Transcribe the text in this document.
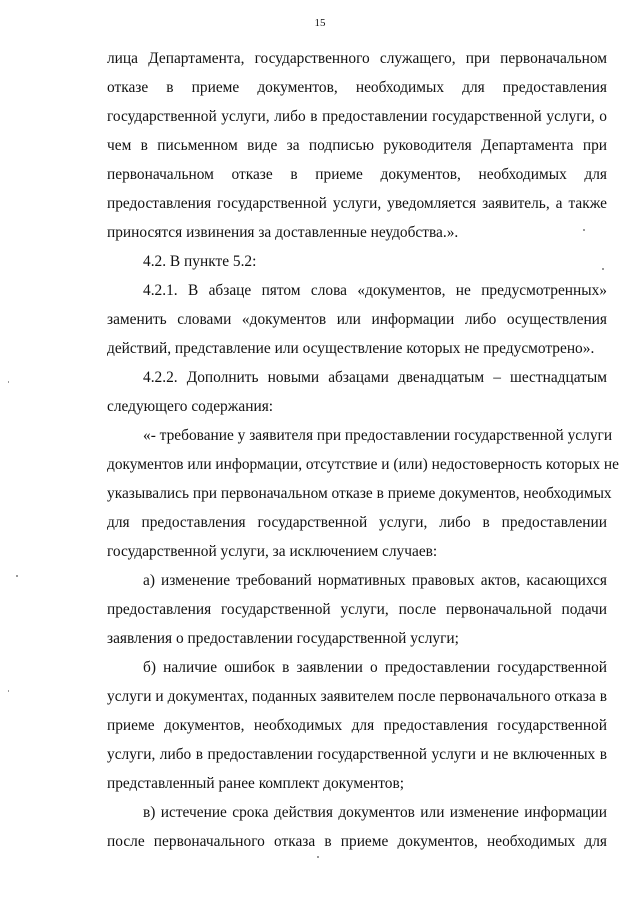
15
лица Департамента, государственного служащего, при первоначальном
отказе в приеме документов, необходимых для предоставления
государственной услуги, либо в предоставлении государственной услуги, о
чем в письменном виде за подписью руководителя Департамента при
первоначальном отказе в приеме документов, необходимых для
предоставления государственной услуги, уведомляется заявитель, а также
приносятся извинения за доставленные неудобства.».
4.2. В пункте 5.2:
4.2.1. В абзаце пятом слова «документов, не предусмотренных»
заменить словами «документов или информации либо осуществления
действий, представление или осуществление которых не предусмотрено».
4.2.2. Дополнить новыми абзацами двенадцатым – шестнадцатым
следующего содержания:
«- требование у заявителя при предоставлении государственной услуги
документов или информации, отсутствие и (или) недостоверность которых не
указывались при первоначальном отказе в приеме документов, необходимых
для предоставления государственной услуги, либо в предоставлении
государственной услуги, за исключением случаев:
а) изменение требований нормативных правовых актов, касающихся
предоставления государственной услуги, после первоначальной подачи
заявления о предоставлении государственной услуги;
б) наличие ошибок в заявлении о предоставлении государственной
услуги и документах, поданных заявителем после первоначального отказа в
приеме документов, необходимых для предоставления государственной
услуги, либо в предоставлении государственной услуги и не включенных в
представленный ранее комплект документов;
в) истечение срока действия документов или изменение информации
после первоначального отказа в приеме документов, необходимых для
